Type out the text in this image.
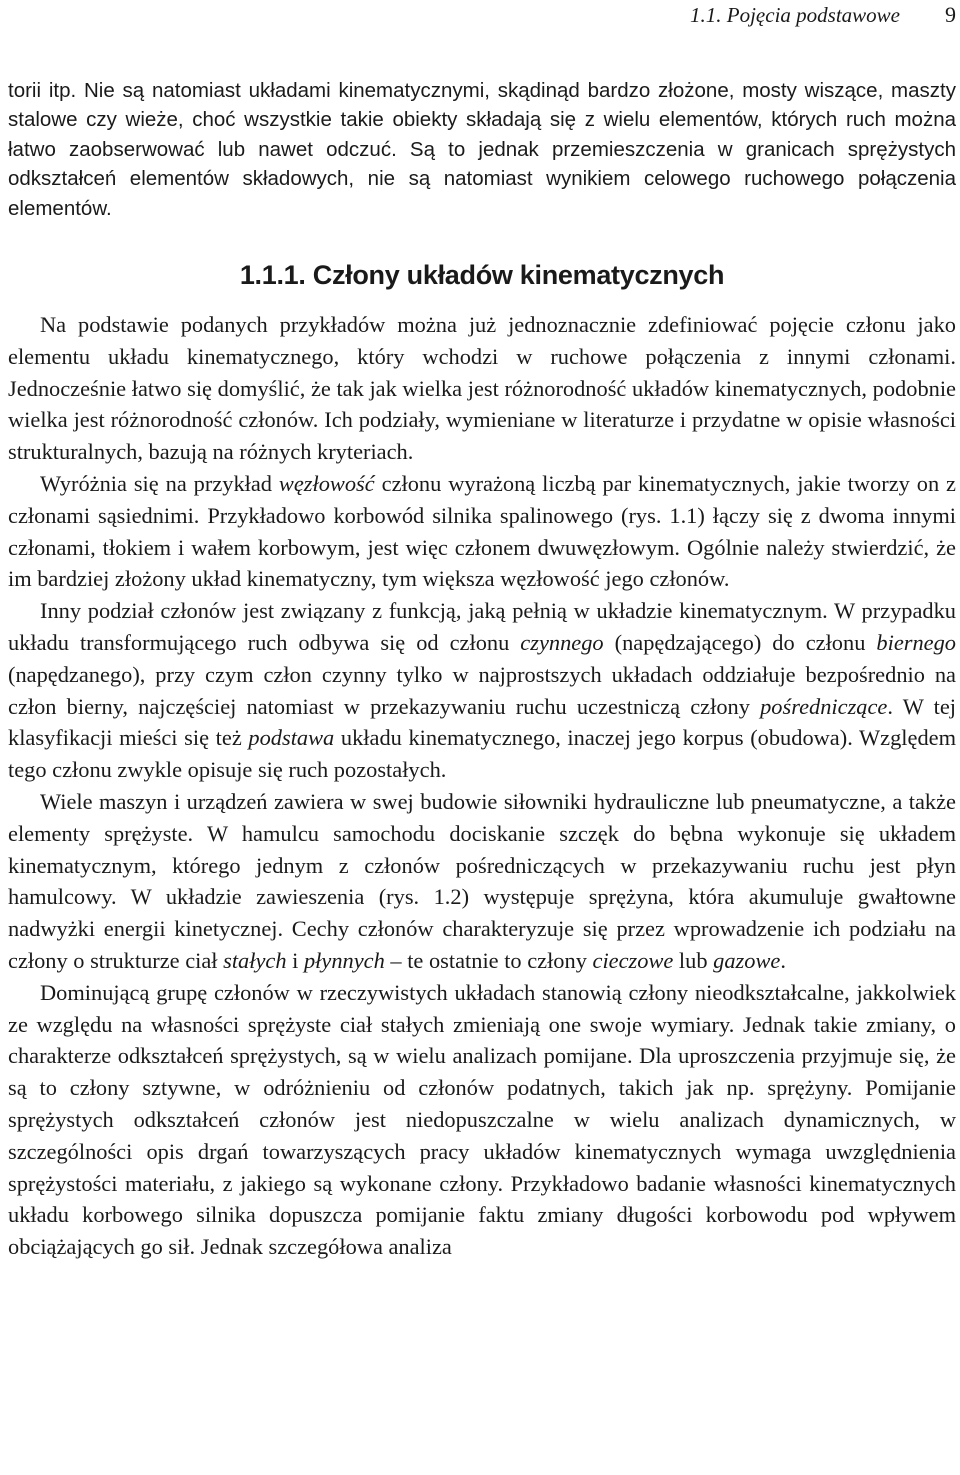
1.1. Pojęcia podstawowe 9

torii itp. Nie są natomiast układami kinematycznymi, skądinąd bardzo złożone, mosty wiszące, maszty stalowe czy wieże, choć wszystkie takie obiekty składają się z wielu elementów, których ruch można łatwo zaobserwować lub nawet odczuć. Są to jednak przemieszczenia w granicach sprężystych odkształceń elementów składowych, nie są natomiast wynikiem celowego ruchowego połączenia elementów.

1.1.1. Człony układów kinematycznych

Na podstawie podanych przykładów można już jednoznacznie zdefiniować pojęcie członu jako elementu układu kinematycznego, który wchodzi w ruchowe połączenia z innymi członami. Jednocześnie łatwo się domyślić, że tak jak wielka jest różnorodność układów kinematycznych, podobnie wielka jest różnorodność członów. Ich podziały, wymieniane w literaturze i przydatne w opisie własności strukturalnych, bazują na różnych kryteriach.

Wyróżnia się na przykład węzłowość członu wyrażoną liczbą par kinematycznych, jakie tworzy on z członami sąsiednimi. Przykładowo korbowód silnika spalinowego (rys. 1.1) łączy się z dwoma innymi członami, tłokiem i wałem korbowym, jest więc członem dwuwęzłowym. Ogólnie należy stwierdzić, że im bardziej złożony układ kinematyczny, tym większa węzłowość jego członów.

Inny podział członów jest związany z funkcją, jaką pełnią w układzie kinematycznym. W przypadku układu transformującego ruch odbywa się od członu czynnego (napędzającego) do członu biernego (napędzanego), przy czym człon czynny tylko w najprostszych układach oddziałuje bezpośrednio na człon bierny, najczęściej natomiast w przekazywaniu ruchu uczestniczą człony pośredniczące. W tej klasyfikacji mieści się też podstawa układu kinematycznego, inaczej jego korpus (obudowa). Względem tego członu zwykle opisuje się ruch pozostałych.

Wiele maszyn i urządzeń zawiera w swej budowie siłowniki hydrauliczne lub pneumatyczne, a także elementy sprężyste. W hamulcu samochodu dociskanie szczęk do bębna wykonuje się układem kinematycznym, którego jednym z członów pośredniczących w przekazywaniu ruchu jest płyn hamulcowy. W układzie zawieszenia (rys. 1.2) występuje sprężyna, która akumuluje gwałtowne nadwyżki energii kinetycznej. Cechy członów charakteryzuje się przez wprowadzenie ich podziału na człony o strukturze ciał stałych i płynnych – te ostatnie to człony cieczowe lub gazowe.

Dominującą grupę członów w rzeczywistych układach stanowią człony nieodkształcalne, jakkolwiek ze względu na własności sprężyste ciał stałych zmieniają one swoje wymiary. Jednak takie zmiany, o charakterze odkształceń sprężystych, są w wielu analizach pomijane. Dla uproszczenia przyjmuje się, że są to człony sztywne, w odróżnieniu od członów podatnych, takich jak np. sprężyny. Pomijanie sprężystych odkształceń członów jest niedopuszczalne w wielu analizach dynamicznych, w szczególności opis drgań towarzyszących pracy układów kinematycznych wymaga uwzględnienia sprężystości materiału, z jakiego są wykonane człony. Przykładowo badanie własności kinematycznych układu korbowego silnika dopuszcza pomijanie faktu zmiany długości korbowodu pod wpływem obciążających go sił. Jednak szczegółowa analiza
